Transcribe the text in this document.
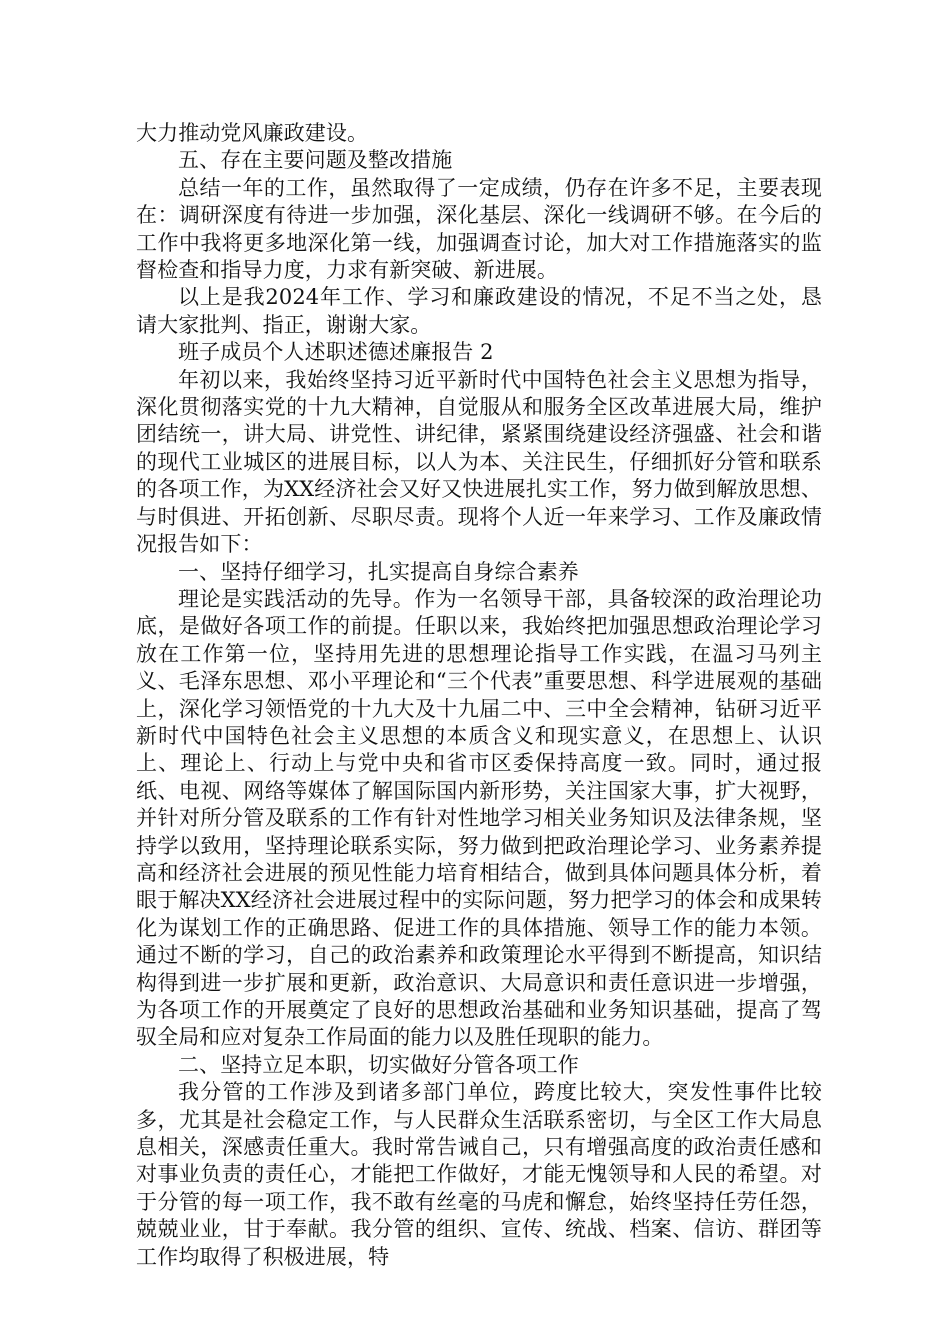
大力推动党风廉政建设。

五、存在主要问题及整改措施

总结一年的工作，虽然取得了一定成绩，仍存在许多不足，主要表现在：调研深度有待进一步加强，深化基层、深化一线调研不够。在今后的工作中我将更多地深化第一线，加强调查讨论，加大对工作措施落实的监督检查和指导力度，力求有新突破、新进展。

以上是我2024年工作、学习和廉政建设的情况，不足不当之处，恳请大家批判、指正，谢谢大家。

班子成员个人述职述德述廉报告 2

年初以来，我始终坚持习近平新时代中国特色社会主义思想为指导，深化贯彻落实党的十九大精神，自觉服从和服务全区改革进展大局，维护团结统一，讲大局、讲党性、讲纪律，紧紧围绕建设经济强盛、社会和谐的现代工业城区的进展目标，以人为本、关注民生，仔细抓好分管和联系的各项工作，为XX经济社会又好又快进展扎实工作，努力做到解放思想、与时俱进、开拓创新、尽职尽责。现将个人近一年来学习、工作及廉政情况报告如下：

一、坚持仔细学习，扎实提高自身综合素养

理论是实践活动的先导。作为一名领导干部，具备较深的政治理论功底，是做好各项工作的前提。任职以来，我始终把加强思想政治理论学习放在工作第一位，坚持用先进的思想理论指导工作实践，在温习马列主义、毛泽东思想、邓小平理论和“三个代表”重要思想、科学进展观的基础上，深化学习领悟党的十九大及十九届二中、三中全会精神，钻研习近平新时代中国特色社会主义思想的本质含义和现实意义，在思想上、认识上、理论上、行动上与党中央和省市区委保持高度一致。同时，通过报纸、电视、网络等媒体了解国际国内新形势，关注国家大事，扩大视野，并针对所分管及联系的工作有针对性地学习相关业务知识及法律条规，坚持学以致用，坚持理论联系实际，努力做到把政治理论学习、业务素养提高和经济社会进展的预见性能力培育相结合，做到具体问题具体分析，着眼于解决XX经济社会进展过程中的实际问题，努力把学习的体会和成果转化为谋划工作的正确思路、促进工作的具体措施、领导工作的能力本领。通过不断的学习，自己的政治素养和政策理论水平得到不断提高，知识结构得到进一步扩展和更新，政治意识、大局意识和责任意识进一步增强，为各项工作的开展奠定了良好的思想政治基础和业务知识基础，提高了驾驭全局和应对复杂工作局面的能力以及胜任现职的能力。

二、坚持立足本职，切实做好分管各项工作

我分管的工作涉及到诸多部门单位，跨度比较大，突发性事件比较多，尤其是社会稳定工作，与人民群众生活联系密切，与全区工作大局息息相关，深感责任重大。我时常告诫自己，只有增强高度的政治责任感和对事业负责的责任心，才能把工作做好，才能无愧领导和人民的希望。对于分管的每一项工作，我不敢有丝毫的马虎和懈怠，始终坚持任劳任怨，兢兢业业，甘于奉献。我分管的组织、宣传、统战、档案、信访、群团等工作均取得了积极进展，特
